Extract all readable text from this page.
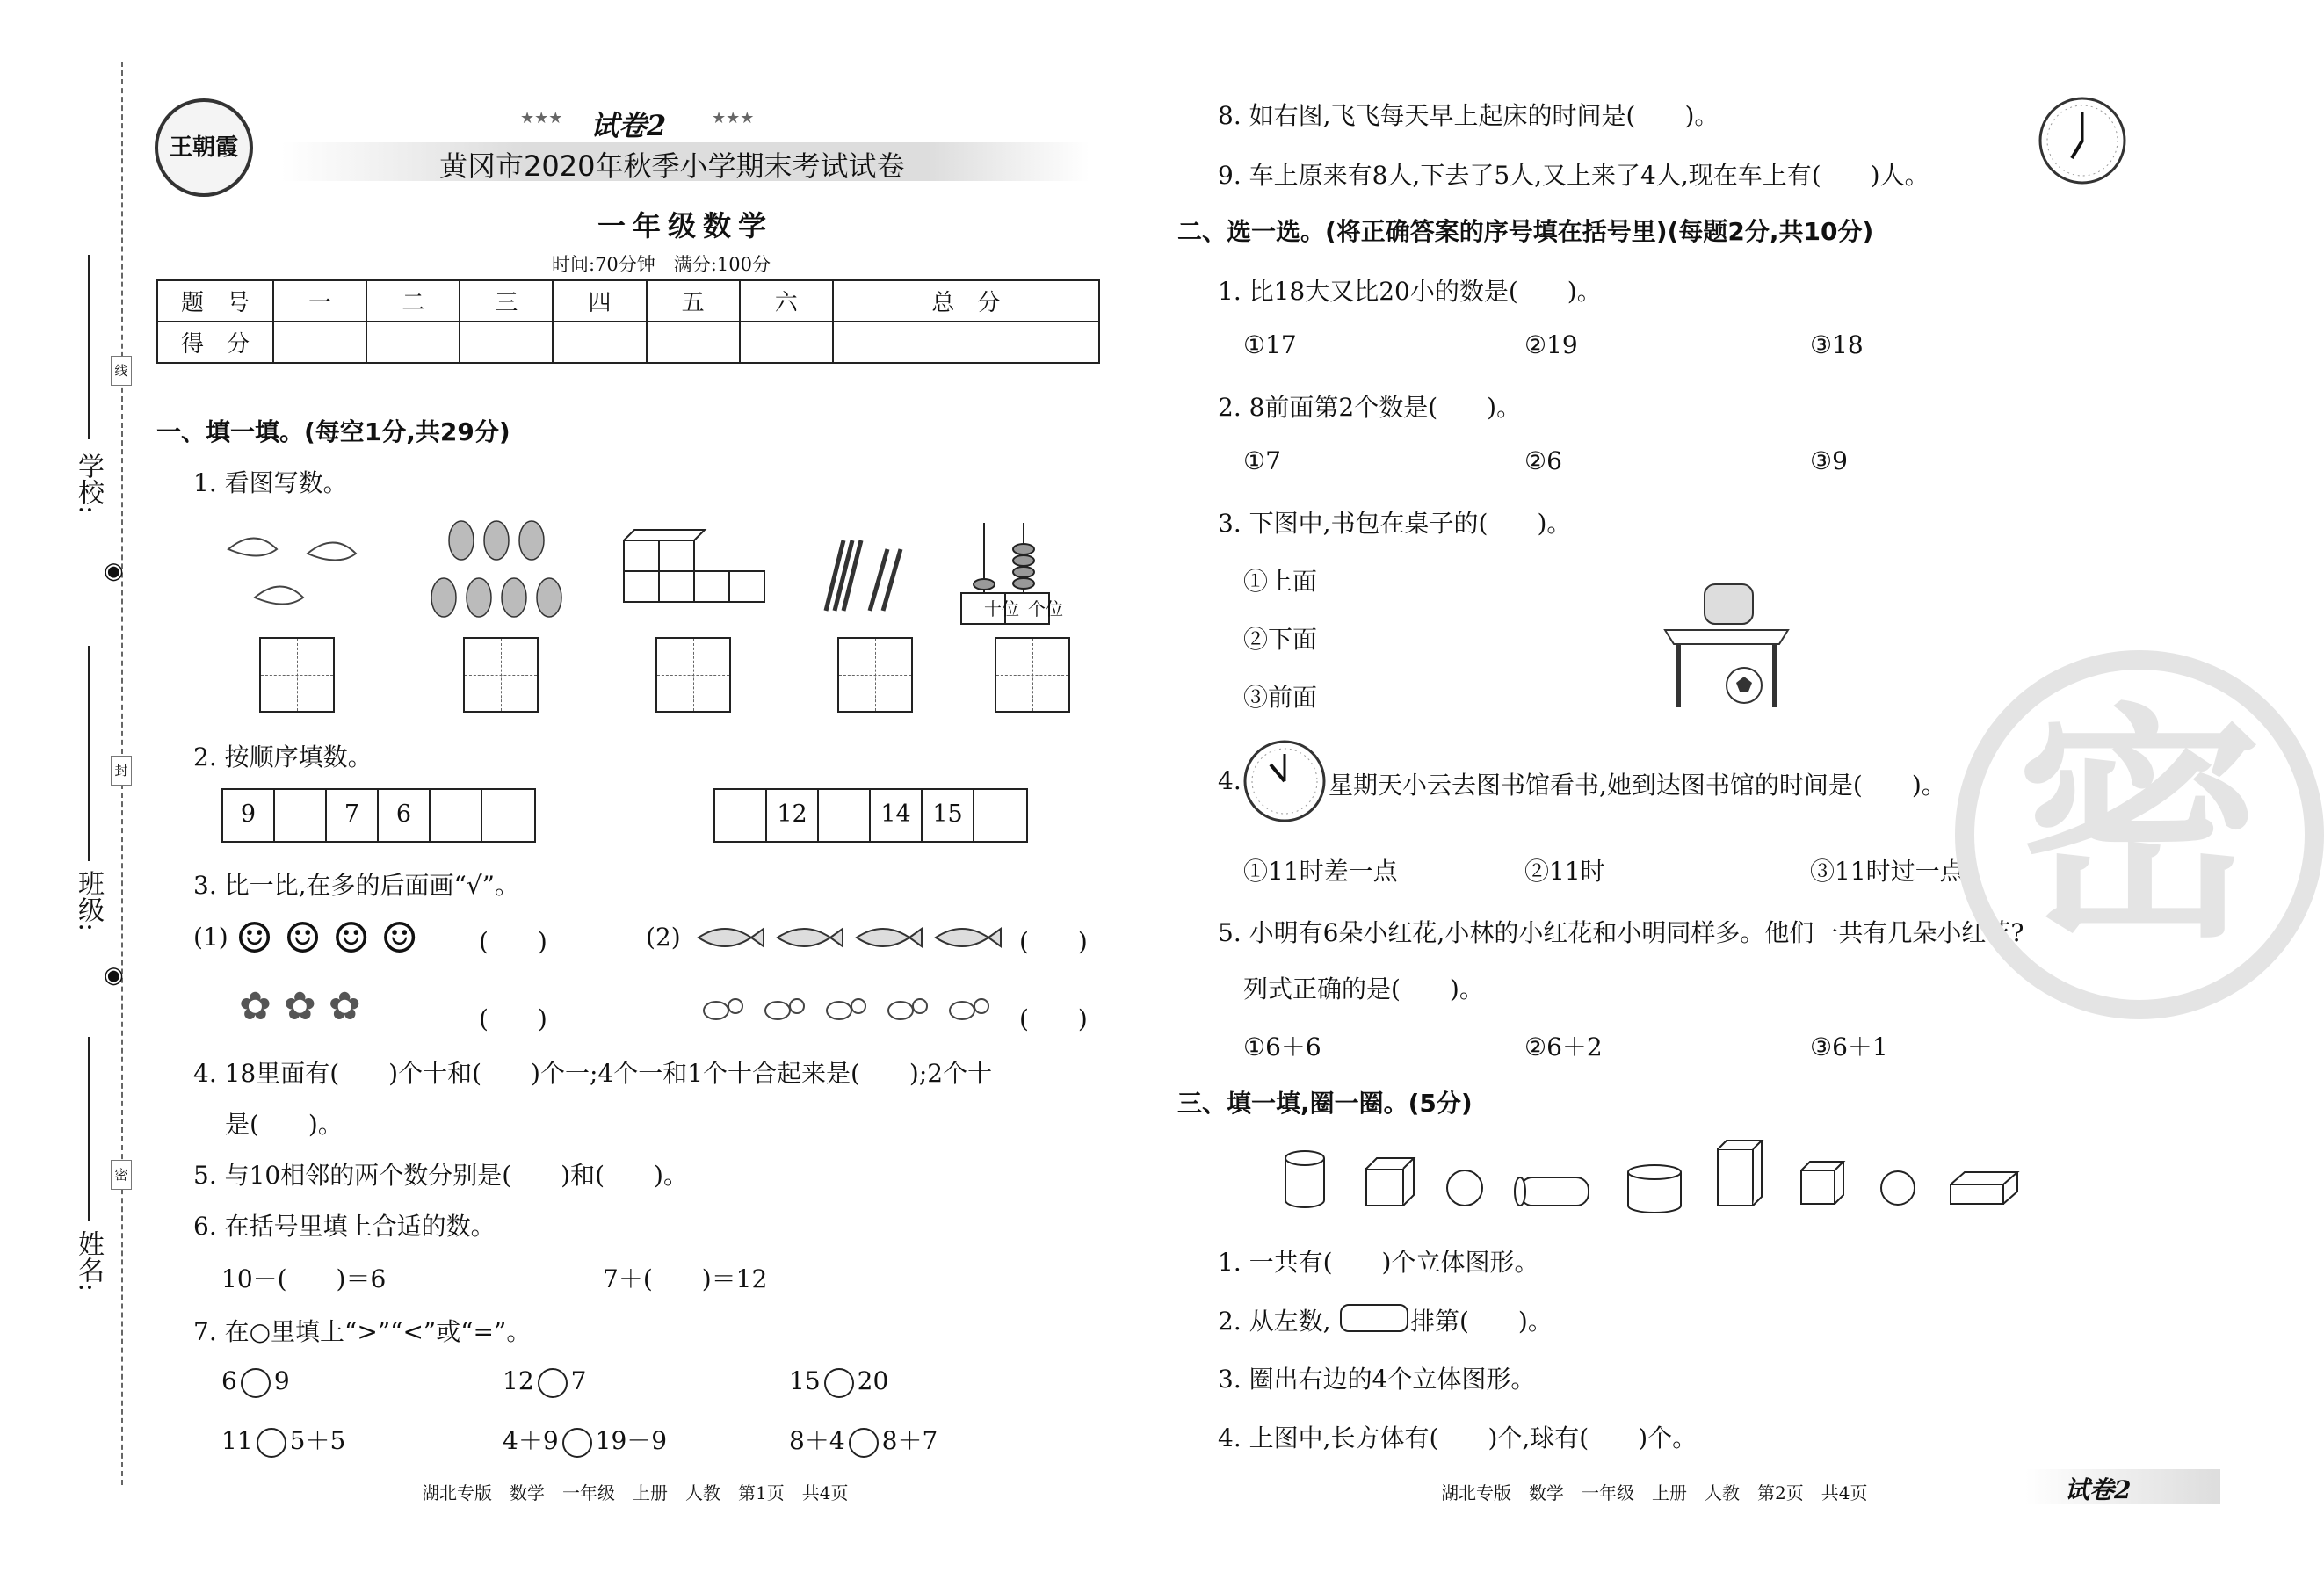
线
封
密
学校:
班级:
姓名:
◉
◉
王朝霞
试卷2
★★★	★★★
黄冈市2020年秋季小学期末考试试卷
一年级数学
时间:70分钟　满分:100分
题　号	一	二	三	四	五	六	总　分
得　分							
一、填一填。(每空1分,共29分)
1. 看图写数。
十位 个位
2. 按顺序填数。
9	7	6	12	14 15
3. 比一比,在多的后面画“√”。
(1) ☺☺☺☺ (　　)
✿✿✿	(　　)
(2)	(　　)
(　　)
4. 18里面有(　　)个十和(　　)个一;4个一和1个十合起来是(　　);2个十
是(　　)。
5. 与10相邻的两个数分别是(　　)和(　　)。
6. 在括号里填上合适的数。
10－(　　)＝6	7＋(　　)＝12
7. 在○里填上“>”“<”或“=”。
6 9	12 7	15 20
11 5＋5	4＋9 19－9	8＋4 8＋7
湖北专版　数学　一年级　上册　人教　第1页　共4页
8. 如右图,飞飞每天早上起床的时间是(　　)。
9. 车上原来有8人,下去了5人,又上来了4人,现在车上有(　　)人。
二、选一选。(将正确答案的序号填在括号里)(每题2分,共10分)
1. 比18大又比20小的数是(　　)。
①17	②19	③18
2. 8前面第2个数是(　　)。
①7	②6	③9
3. 下图中,书包在桌子的(　　)。
①上面
②下面
③前面
4.	星期天小云去图书馆看书,她到达图书馆的时间是(　　)。
①11时差一点	②11时	③11时过一点
5. 小明有6朵小红花,小林的小红花和小明同样多。他们一共有几朵小红花?
列式正确的是(　　)。
①6＋6	②6＋2	③6＋1
三、填一填,圈一圈。(5分)
1. 一共有(　　)个立体图形。
2. 从左数,	排第(　　)。
3. 圈出右边的4个立体图形。
4. 上图中,长方体有(　　)个,球有(　　)个。
湖北专版　数学　一年级　上册　人教　第2页　共4页	试卷2
密
